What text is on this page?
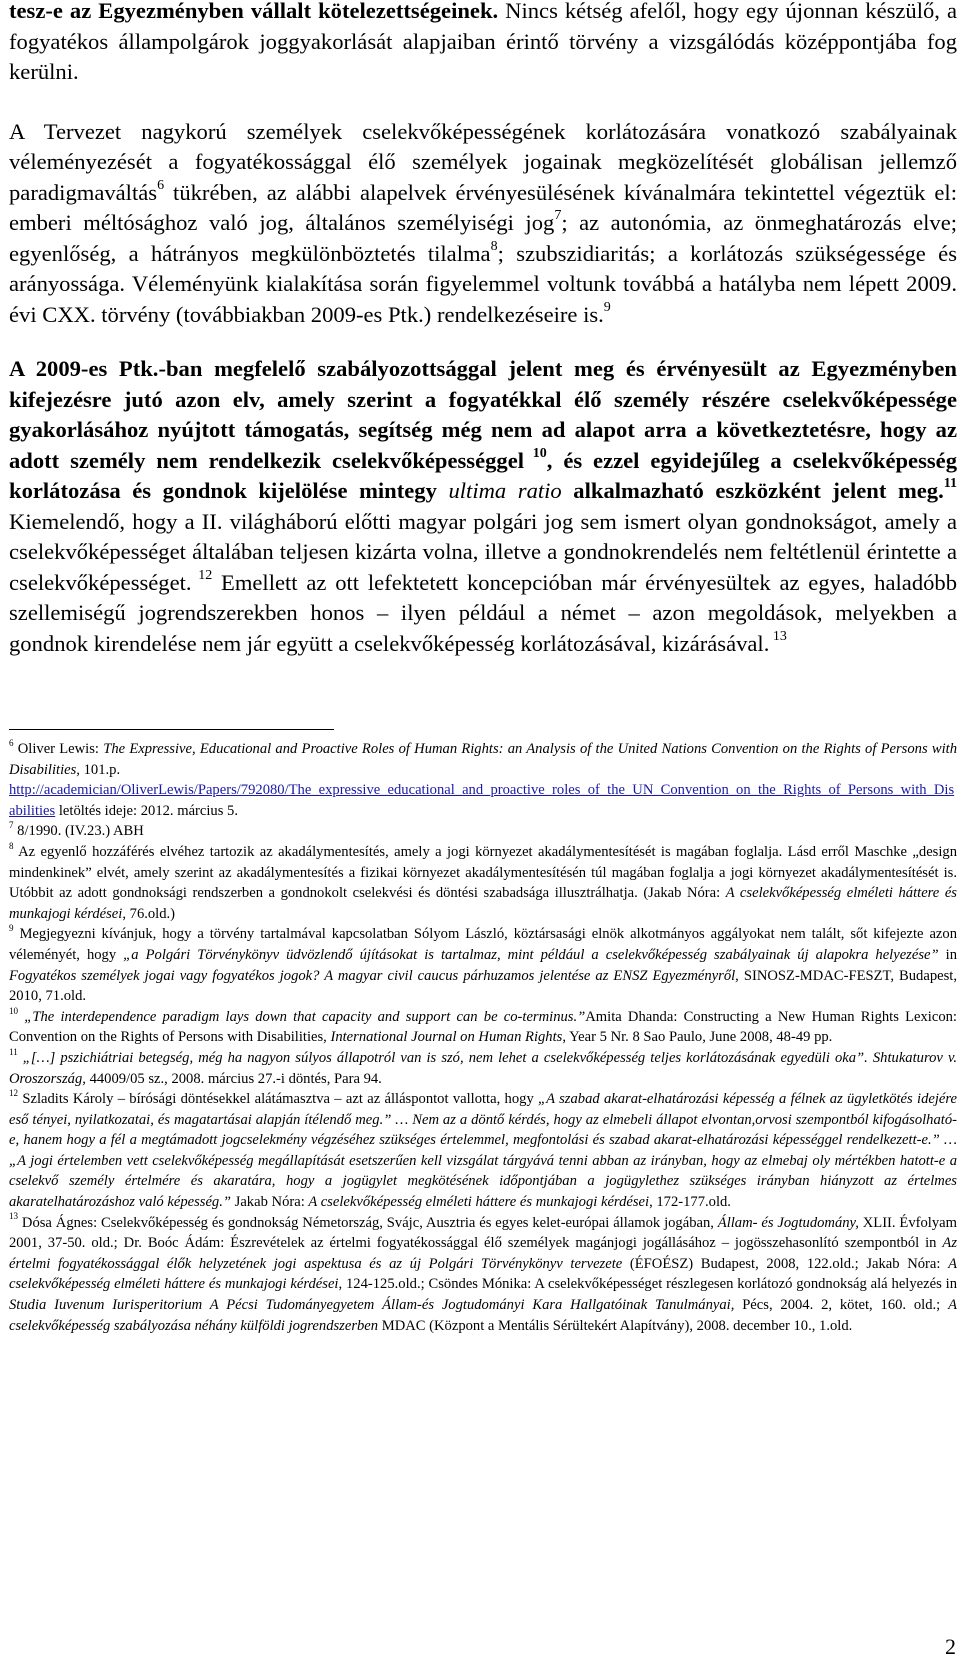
tesz-e az Egyezményben vállalt kötelezettségeinek. Nincs kétség afelől, hogy egy újonnan készülő, a fogyatékos állampolgárok joggyakorlását alapjaiban érintő törvény a vizsgálódás középpontjába fog kerülni.

A Tervezet nagykorú személyek cselekvőképességének korlátozására vonatkozó szabályainak véleményezését a fogyatékossággal élő személyek jogainak megközelítését globálisan jellemző paradigmaváltás$^6$ tükrében, az alábbi alapelvek érvényesülésének kívánalmára tekintettel végeztük el: emberi méltósághoz való jog, általános személyiségi jog$^7$; az autonómia, az önmeghatározás elve; egyenlőség, a hátrányos megkülönböztetés tilalma$^8$; szubszidiaritás; a korlátozás szükségessége és arányossága. Véleményünk kialakítása során figyelemmel voltunk továbbá a hatályba nem lépett 2009. évi CXX. törvény (továbbiakban 2009-es Ptk.) rendelkezéseire is.$^9$

A 2009-es Ptk.-ban megfelelő szabályozottsággal jelent meg és érvényesült az Egyezményben kifejezésre jutó azon elv, amely szerint a fogyatékkal élő személy részére cselekvőképessége gyakorlásához nyújtott támogatás, segítség még nem ad alapot arra a következtetésre, hogy az adott személy nem rendelkezik cselekvőképességgel $^{10}$, és ezzel egyidejűleg a cselekvőképesség korlátozása és gondnok kijelölése mintegy ultima ratio alkalmazható eszközként jelent meg.$^{11}$ Kiemelendő, hogy a II. világháború előtti magyar polgári jog sem ismert olyan gondnokságot, amely a cselekvőképességet általában teljesen kizárta volna, illetve a gondnokrendelés nem feltétlenül érintette a cselekvőképességet. $^{12}$ Emellett az ott lefektetett koncepcióban már érvényesültek az egyes, haladóbb szellemiségű jogrendszerekben honos – ilyen például a német – azon megoldások, melyekben a gondnok kirendelése nem jár együtt a cselekvőképesség korlátozásával, kizárásával. $^{13}$

$^6$ Oliver Lewis: The Expressive, Educational and Proactive Roles of Human Rights: an Analysis of the United Nations Convention on the Rights of Persons with Disabilities, 101.p.
http://academician/OliverLewis/Papers/792080/The_expressive_educational_and_proactive_roles_of_the_UN_Convention_on_the_Rights_of_Persons_with_Disabilities letöltés ideje: 2012. március 5.

$^7$ 8/1990. (IV.23.) ABH

$^8$ Az egyenlő hozzáférés elvéhez tartozik az akadálymentesítés, amely a jogi környezet akadálymentesítését is magában foglalja. Lásd erről Maschke „design mindenkinek” elvét, amely szerint az akadálymentesítés a fizikai környezet akadálymentesítésén túl magában foglalja a jogi környezet akadálymentesítését is. Utóbbit az adott gondnoksági rendszerben a gondnokolt cselekvési és döntési szabadsága illusztrálhatja. (Jakab Nóra: A cselekvőképesség elméleti háttere és munkajogi kérdései, 76.old.)

$^9$ Megjegyezni kívánjuk, hogy a törvény tartalmával kapcsolatban Sólyom László, köztársasági elnök alkotmányos aggályokat nem talált, sőt kifejezte azon véleményét, hogy „a Polgári Törvénykönyv üdvözlendő újításokat is tartalmaz, mint például a cselekvőképesség szabályainak új alapokra helyezése” in Fogyatékos személyek jogai vagy fogyatékos jogok? A magyar civil caucus párhuzamos jelentése az ENSZ Egyezményről, SINOSZ-MDAC-FESZT, Budapest, 2010, 71.old.

$^{10}$ „The interdependence paradigm lays down that capacity and support can be co-terminus.”Amita Dhanda: Constructing a New Human Rights Lexicon: Convention on the Rights of Persons with Disabilities, International Journal on Human Rights, Year 5 Nr. 8 Sao Paulo, June 2008, 48-49 pp.

$^{11}$ „[…] pszichiátriai betegség, még ha nagyon súlyos állapotról van is szó, nem lehet a cselekvőképesség teljes korlátozásának egyedüli oka”. Shtukaturov v. Oroszország, 44009/05 sz., 2008. március 27.-i döntés, Para 94.

$^{12}$ Szladits Károly – bírósági döntésekkel alátámasztva – azt az álláspontot vallotta, hogy „A szabad akarat-elhatározási képesség a félnek az ügyletkötés idejére eső tényei, nyilatkozatai, és magatartásai alapján ítélendő meg.” … Nem az a döntő kérdés, hogy az elmebeli állapot elvontan,orvosi szempontból kifogásolható-e, hanem hogy a fél a megtámadott jogcselekmény végzéséhez szükséges értelemmel, megfontolási és szabad akarat-elhatározási képességgel rendelkezett-e.” … „A jogi értelemben vett cselekvőképesség megállapítását esetszerűen kell vizsgálat tárgyává tenni abban az irányban, hogy az elmebaj oly mértékben hatott-e a cselekvő személy értelmére és akaratára, hogy a jogügylet megkötésének időpontjában a jogügylethez szükséges irányban hiányzott az értelmes akaratelhatározáshoz való képesség.” Jakab Nóra: A cselekvőképesség elméleti háttere és munkajogi kérdései, 172-177.old.

$^{13}$ Dósa Ágnes: Cselekvőképesség és gondnokság Németország, Svájc, Ausztria és egyes kelet-európai államok jogában, Állam- és Jogtudomány, XLII. Évfolyam 2001, 37-50. old.; Dr. Boóc Ádám: Észrevételek az értelmi fogyatékossággal élő személyek magánjogi jogállásához – jogösszehasonlító szempontból in Az értelmi fogyatékossággal élők helyzetének jogi aspektusa és az új Polgári Törvénykönyv tervezete (ÉFOÉSZ) Budapest, 2008, 122.old.; Jakab Nóra: A cselekvőképesség elméleti háttere és munkajogi kérdései, 124-125.old.; Csöndes Mónika: A cselekvőképességet részlegesen korlátozó gondnokság alá helyezés in Studia Iuvenum Iurisperitorium A Pécsi Tudományegyetem Állam-és Jogtudományi Kara Hallgatóinak Tanulmányai, Pécs, 2004. 2, kötet, 160. old.; A cselekvőképesség szabályozása néhány külföldi jogrendszerben MDAC (Központ a Mentális Sérültekért Alapítvány), 2008. december 10., 1.old.

2
